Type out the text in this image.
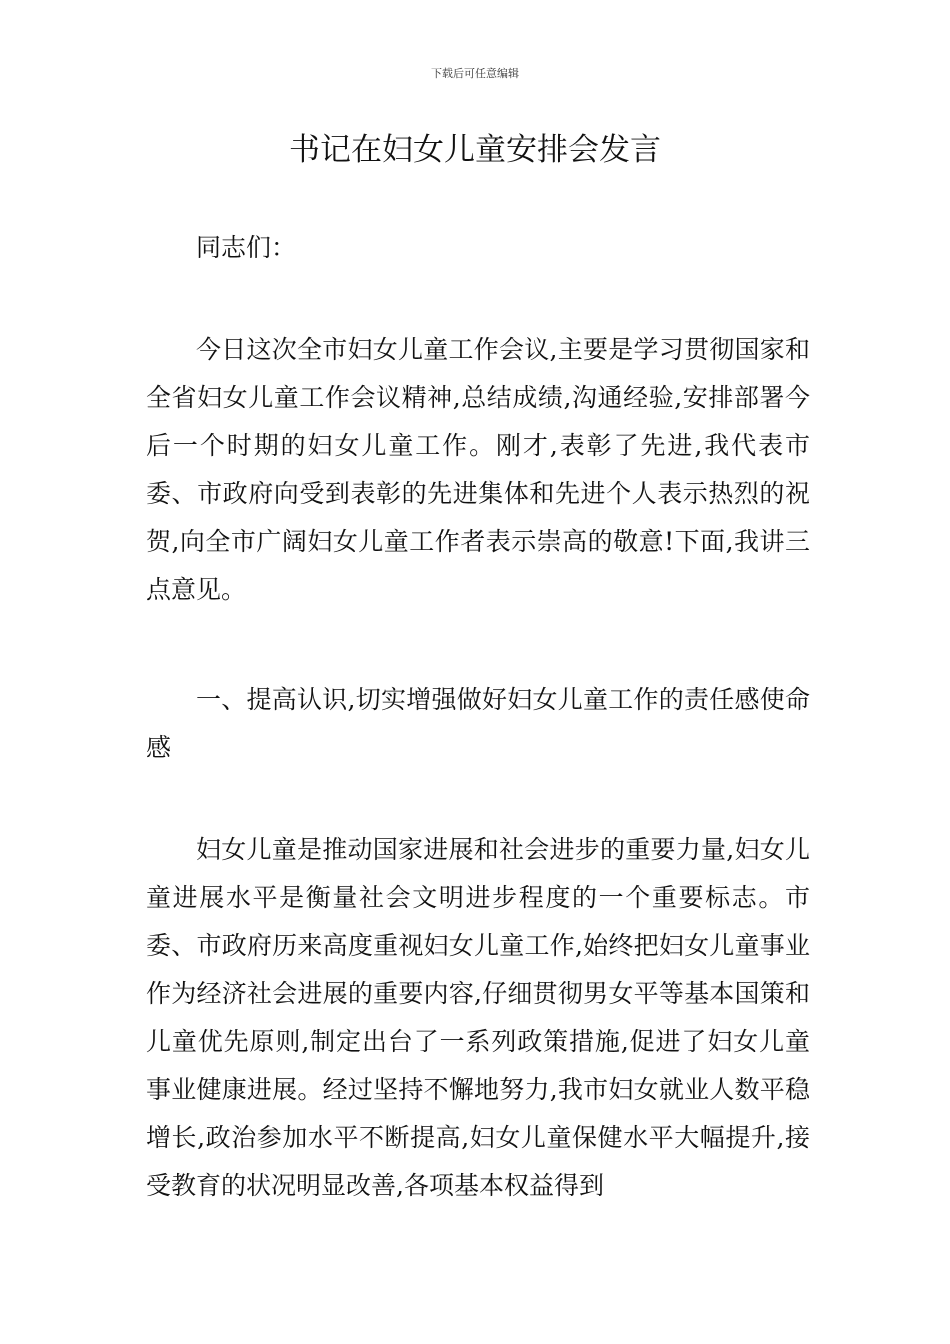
下载后可任意编辑
书记在妇女儿童安排会发言

同志们：

今日这次全市妇女儿童工作会议,主要是学习贯彻国家和全省妇女儿童工作会议精神,总结成绩,沟通经验,安排部署今后一个时期的妇女儿童工作。刚才,表彰了先进,我代表市委、市政府向受到表彰的先进集体和先进个人表示热烈的祝贺,向全市广阔妇女儿童工作者表示崇高的敬意!下面,我讲三点意见。

一、提高认识,切实增强做好妇女儿童工作的责任感使命感

妇女儿童是推动国家进展和社会进步的重要力量,妇女儿童进展水平是衡量社会文明进步程度的一个重要标志。市委、市政府历来高度重视妇女儿童工作,始终把妇女儿童事业作为经济社会进展的重要内容,仔细贯彻男女平等基本国策和儿童优先原则,制定出台了一系列政策措施,促进了妇女儿童事业健康进展。经过坚持不懈地努力,我市妇女就业人数平稳增长,政治参加水平不断提高,妇女儿童保健水平大幅提升,接受教育的状况明显改善,各项基本权益得到
